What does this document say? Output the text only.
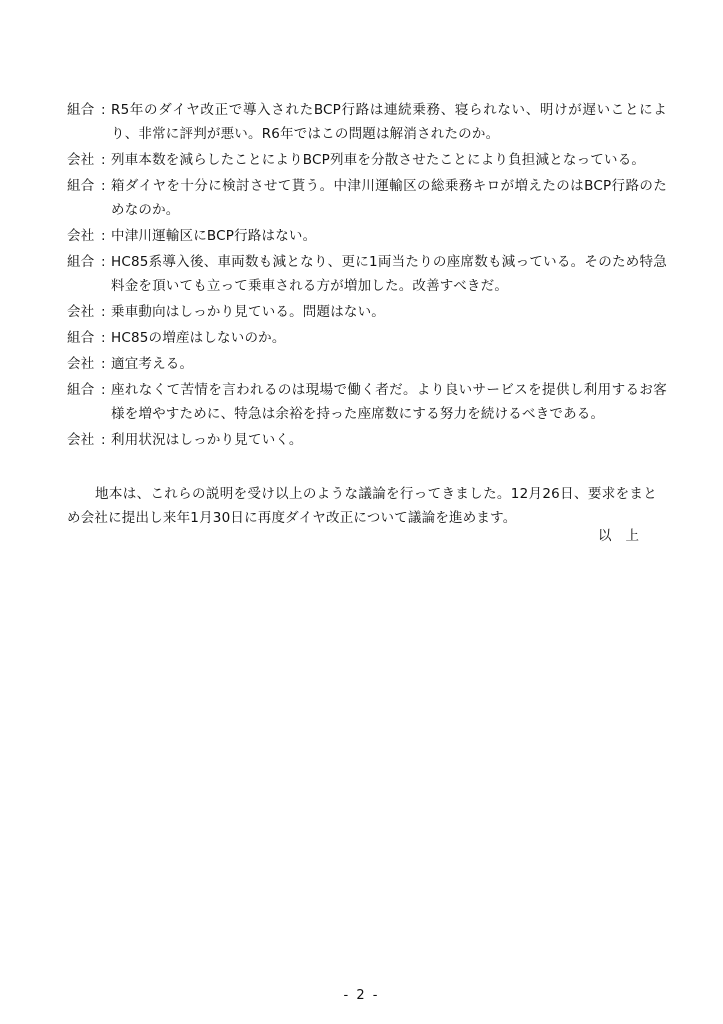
組合 : R5年のダイヤ改正で導入されたBCP行路は連続乗務、寝られない、明けが遅いことにより、非常に評判が悪い。R6年ではこの問題は解消されたのか。
会社 : 列車本数を減らしたことによりBCP列車を分散させたことにより負担減となっている。
組合 : 箱ダイヤを十分に検討させて貰う。中津川運輸区の総乗務キロが増えたのはBCP行路のためなのか。
会社 : 中津川運輸区にBCP行路はない。
組合 : HC85系導入後、車両数も減となり、更に1両当たりの座席数も減っている。そのため特急料金を頂いても立って乗車される方が増加した。改善すべきだ。
会社 : 乗車動向はしっかり見ている。問題はない。
組合 : HC85の増産はしないのか。
会社 : 適宜考える。
組合 : 座れなくて苦情を言われるのは現場で働く者だ。より良いサービスを提供し利用するお客様を増やすために、特急は余裕を持った座席数にする努力を続けるべきである。
会社 : 利用状況はしっかり見ていく。

地本は、これらの説明を受け以上のような議論を行ってきました。12月26日、要求をまとめ会社に提出し来年1月30日に再度ダイヤ改正について議論を進めます。

以上
- 2 -
